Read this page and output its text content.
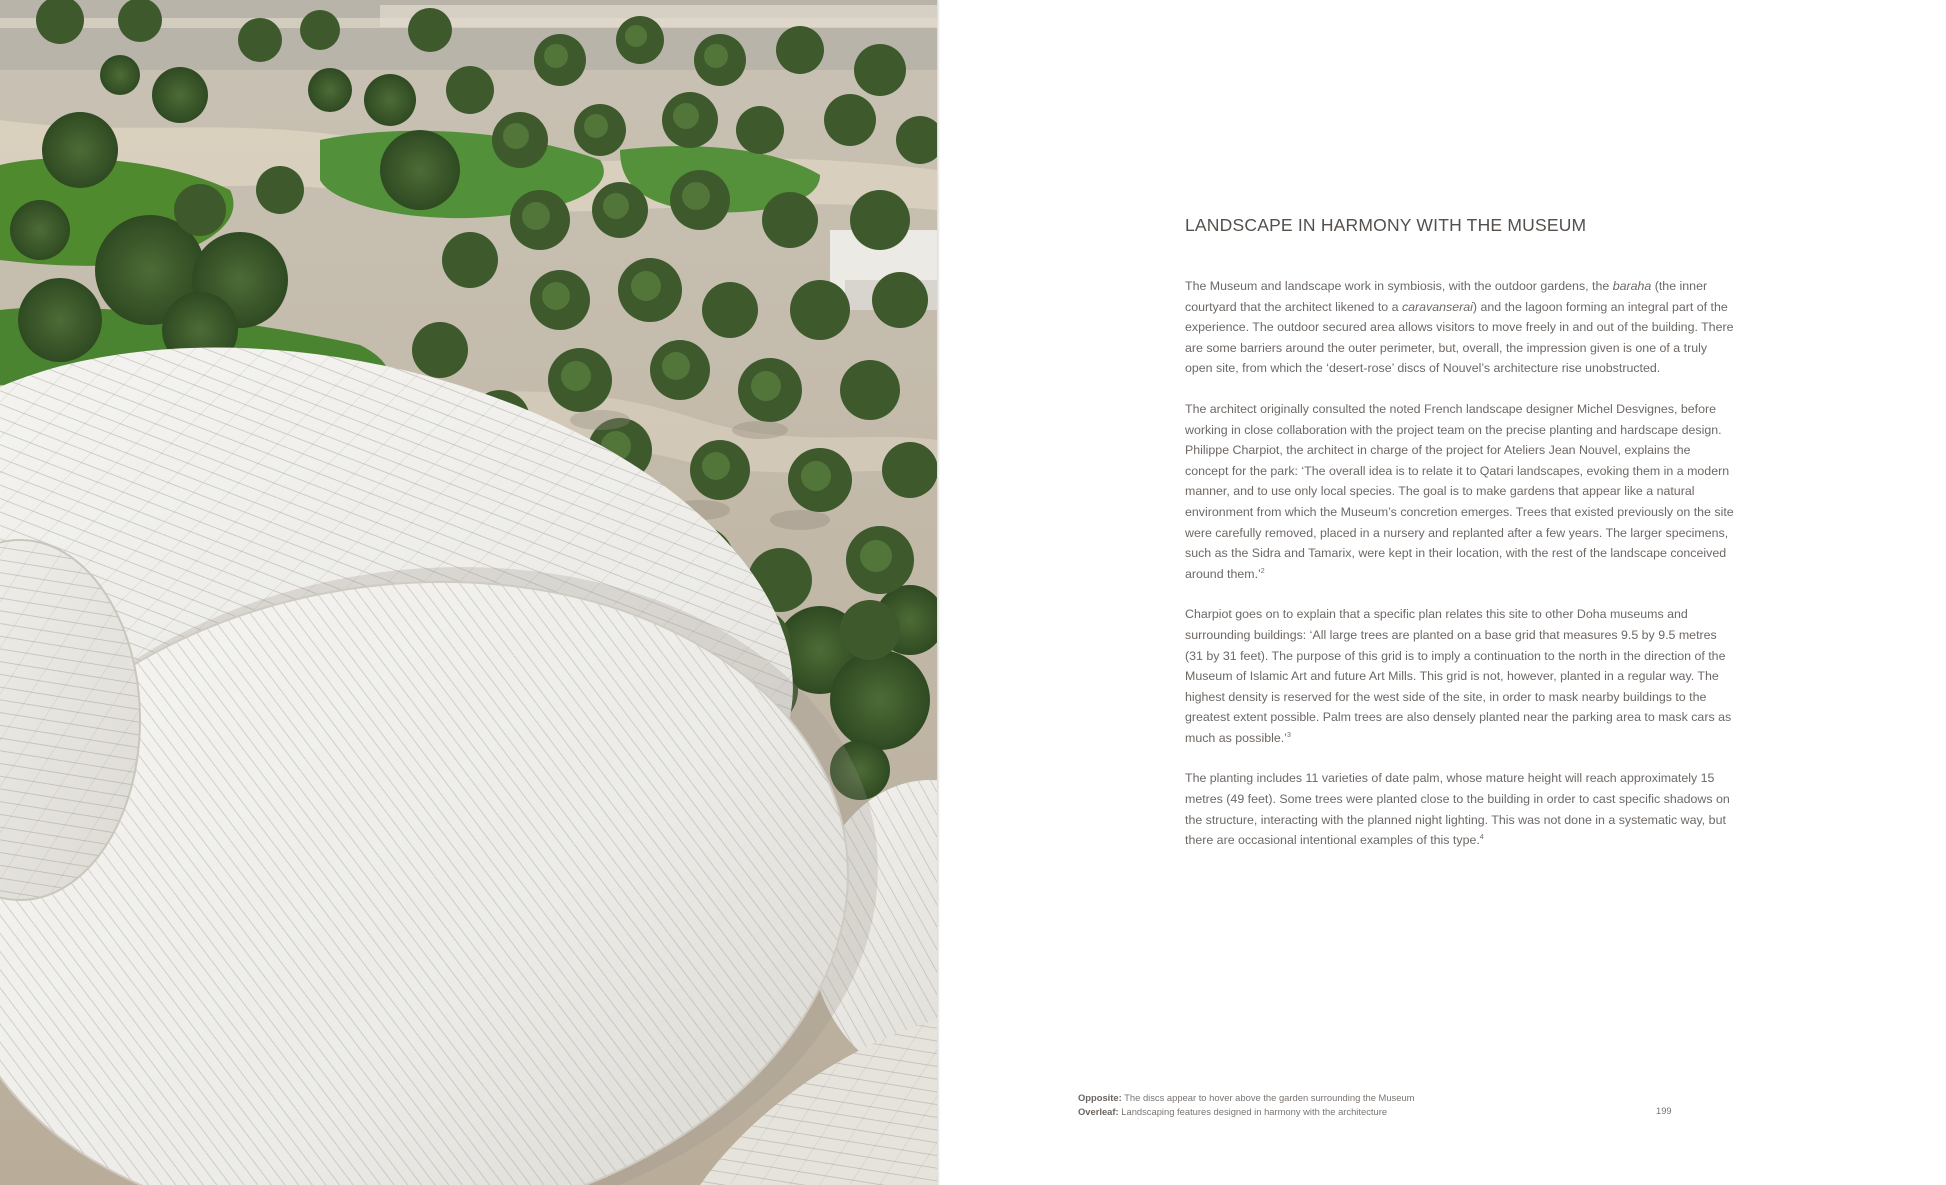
LANDSCAPE IN HARMONY WITH THE MUSEUM

The Museum and landscape work in symbiosis, with the outdoor gardens, the baraha (the inner courtyard that the architect likened to a caravanserai) and the lagoon forming an integral part of the experience. The outdoor secured area allows visitors to move freely in and out of the building. There are some barriers around the outer perimeter, but, overall, the impression given is one of a truly open site, from which the ‘desert-rose’ discs of Nouvel’s architecture rise unobstructed.

The architect originally consulted the noted French landscape designer Michel Desvignes, before working in close collaboration with the project team on the precise planting and hardscape design. Philippe Charpiot, the architect in charge of the project for Ateliers Jean Nouvel, explains the concept for the park: ‘The overall idea is to relate it to Qatari landscapes, evoking them in a modern manner, and to use only local species. The goal is to make gardens that appear like a natural environment from which the Museum’s concretion emerges. Trees that existed previously on the site were carefully removed, placed in a nursery and replanted after a few years. The larger specimens, such as the Sidra and Tamarix, were kept in their location, with the rest of the landscape conceived around them.’$^2$

Charpiot goes on to explain that a specific plan relates this site to other Doha museums and surrounding buildings: ‘All large trees are planted on a base grid that measures 9.5 by 9.5 metres (31 by 31 feet). The purpose of this grid is to imply a continuation to the north in the direction of the Museum of Islamic Art and future Art Mills. This grid is not, however, planted in a regular way. The highest density is reserved for the west side of the site, in order to mask nearby buildings to the greatest extent possible. Palm trees are also densely planted near the parking area to mask cars as much as possible.’$^3$

The planting includes 11 varieties of date palm, whose mature height will reach approximately 15 metres (49 feet). Some trees were planted close to the building in order to cast specific shadows on the structure, interacting with the planned night lighting. This was not done in a systematic way, but there are occasional intentional examples of this type.$^4$

Opposite: The discs appear to hover above the garden surrounding the Museum
Overleaf: Landscaping features designed in harmony with the architecture	199
